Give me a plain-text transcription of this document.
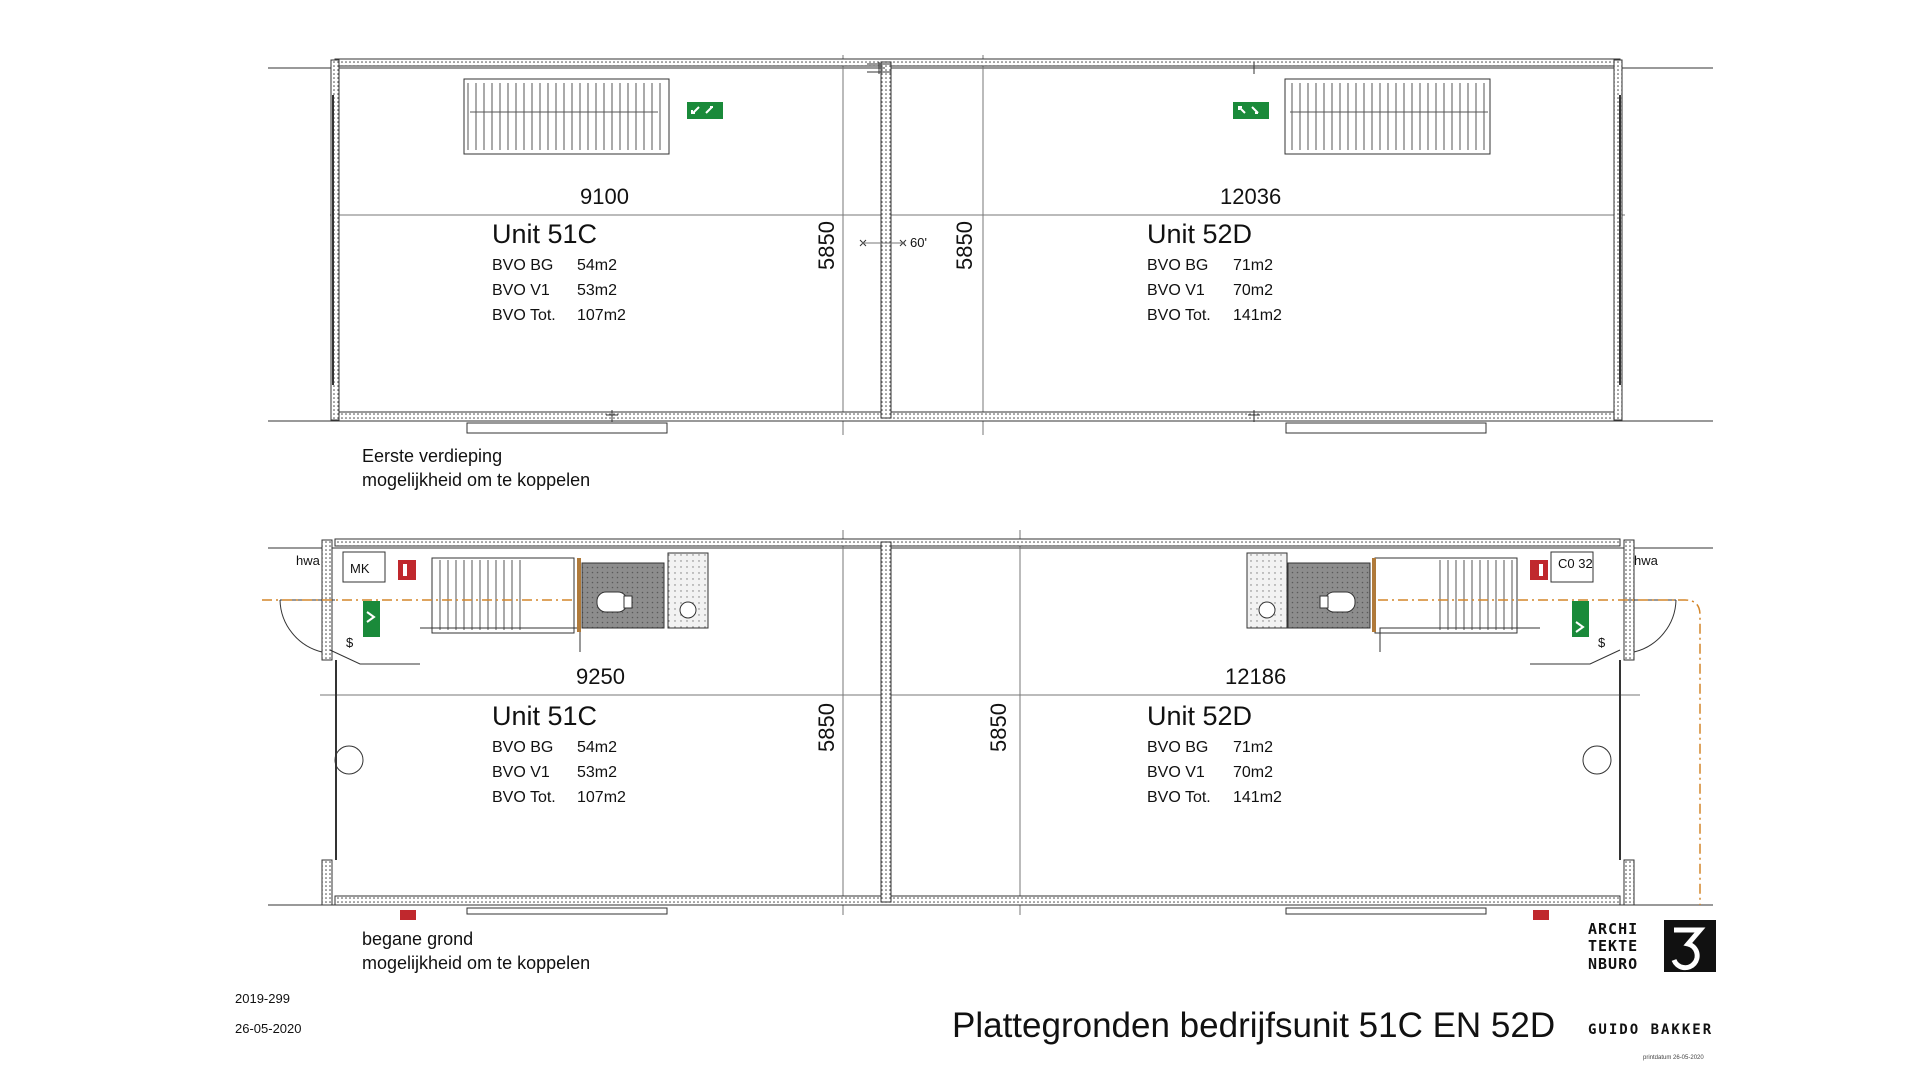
9100	12036
5850	5850
60'
Unit 51C
BVO BG 54m2
BVO V1 53m2
BVO Tot. 107m2
Unit 52D
BVO BG 71m2
BVO V1 70m2
BVO Tot. 141m2
Eerste verdieping
mogelijkheid om te koppelen
9250	12186
5850	5850
Unit 51C
BVO BG 54m2
BVO V1 53m2
BVO Tot. 107m2
Unit 52D
BVO BG 71m2
BVO V1 70m2
BVO Tot. 141m2
hwa	hwa
MK	C0 32
$	$
begane grond
mogelijkheid om te koppelen
2019-299
26-05-2020	Plattegronden bedrijfsunit 51C EN 52D
ARCHI
TEKTE
NBURO
GUIDO BAKKER
printdatum 26-05-2020
